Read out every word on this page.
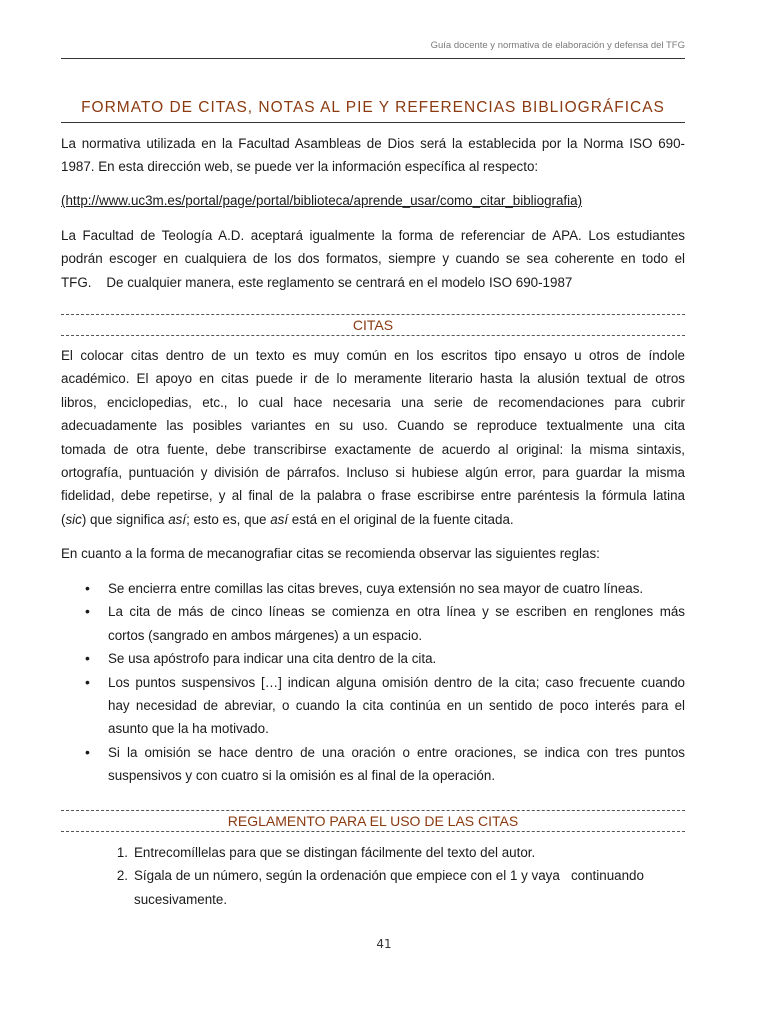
Guía docente y normativa de elaboración y defensa del TFG
FORMATO DE CITAS, NOTAS AL PIE Y REFERENCIAS BIBLIOGRÁFICAS

La normativa utilizada en la Facultad Asambleas de Dios será la establecida por la Norma ISO 690-
1987. En esta dirección web, se puede ver la información específica al respecto:

(http://www.uc3m.es/portal/page/portal/biblioteca/aprende_usar/como_citar_bibliografia)

La Facultad de Teología A.D. aceptará igualmente la forma de referenciar de APA. Los estudiantes
podrán escoger en cualquiera de los dos formatos, siempre y cuando se sea coherente en todo el
TFG.    De cualquier manera, este reglamento se centrará en el modelo ISO 690-1987

CITAS

El colocar citas dentro de un texto es muy común en los escritos tipo ensayo u otros de índole
académico. El apoyo en citas puede ir de lo meramente literario hasta la alusión textual de otros
libros, enciclopedias, etc., lo cual hace necesaria una serie de recomendaciones para cubrir
adecuadamente las posibles variantes en su uso. Cuando se reproduce textualmente una cita
tomada de otra fuente, debe transcribirse exactamente de acuerdo al original: la misma sintaxis,
ortografía, puntuación y división de párrafos. Incluso si hubiese algún error, para guardar la misma
fidelidad, debe repetirse, y al final de la palabra o frase escribirse entre paréntesis la fórmula latina
(sic) que significa así; esto es, que así está en el original de la fuente citada.

En cuanto a la forma de mecanografiar citas se recomienda observar las siguientes reglas:

• Se encierra entre comillas las citas breves, cuya extensión no sea mayor de cuatro líneas.
• La cita de más de cinco líneas se comienza en otra línea y se escriben en renglones más
cortos (sangrado en ambos márgenes) a un espacio.
• Se usa apóstrofo para indicar una cita dentro de la cita.
• Los puntos suspensivos […] indican alguna omisión dentro de la cita; caso frecuente cuando
hay necesidad de abreviar, o cuando la cita continúa en un sentido de poco interés para el
asunto que la ha motivado.
• Si la omisión se hace dentro de una oración o entre oraciones, se indica con tres puntos
suspensivos y con cuatro si la omisión es al final de la operación.
REGLAMENTO PARA EL USO DE LAS CITAS
1. Entrecomíllelas para que se distingan fácilmente del texto del autor.
2. Sígala de un número, según la ordenación que empiece con el 1 y vaya   continuando
sucesivamente.
41
